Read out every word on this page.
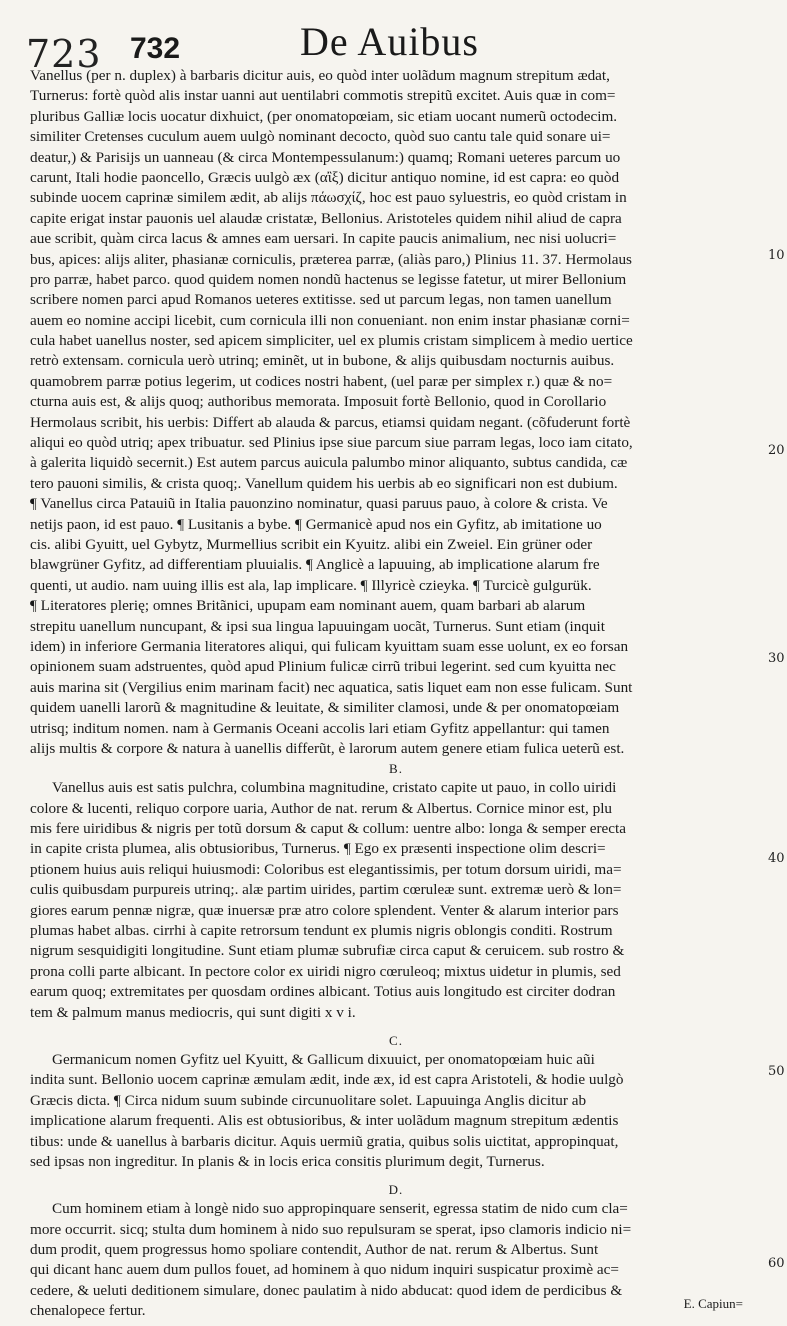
723 732	De Auibus
Vanellus (per n. duplex) à barbaris dicitur auis, eo quòd inter uolãdum magnum strepitum ædat,
Turnerus: fortè quòd alis instar uanni aut uentilabri commotis strepitũ excitet. Auis quæ in com=
pluribus Galliæ locis uocatur dixhuict, (per onomatopœiam, sic etiam uocant numerũ octodecim.
similiter Cretenses cuculum auem uulgò nominant decocto, quòd suo cantu tale quid sonare ui=
deatur,) & Parisijs un uanneau (& circa Montempessulanum:) quamq; Romani ueteres parcum uo
carunt, Itali hodie paoncello, Græcis uulgò æx (αἲξ) dicitur antiquo nomine, id est capra: eo quòd
subinde uocem caprinæ similem ædit, ab alijs πάωσχίζ, hoc est pauo syluestris, eo quòd cristam in
capite erigat instar pauonis uel alaudæ cristatæ, Bellonius. Aristoteles quidem nihil aliud de capra
aue scribit, quàm circa lacus & amnes eam uersari. In capite paucis animalium, nec nisi uolucri=
bus, apices: alijs aliter, phasianæ corniculis, præterea parræ, (aliàs paro,) Plinius 11. 37. Hermolaus
pro parræ, habet parco. quod quidem nomen nondũ hactenus se legisse fatetur, ut mirer Bellonium
scribere nomen parci apud Romanos ueteres extitisse. sed ut parcum legas, non tamen uanellum
auem eo nomine accipi licebit, cum cornicula illi non conueniant. non enim instar phasianæ corni=
cula habet uanellus noster, sed apicem simpliciter, uel ex plumis cristam simplicem à medio uertice
retrò extensam. cornicula uerò utrinq; eminẽt, ut in bubone, & alijs quibusdam nocturnis auibus.
quamobrem parræ potius legerim, ut codices nostri habent, (uel paræ per simplex r.) quæ & no=
cturna auis est, & alijs quoq; authoribus memorata. Imposuit fortè Bellonio, quod in Corollario
Hermolaus scribit, his uerbis: Differt ab alauda & parcus, etiamsi quidam negant. (cõfuderunt fortè
aliqui eo quòd utriq; apex tribuatur. sed Plinius ipse siue parcum siue parram legas, loco iam citato,
à galerita liquidò secernit.) Est autem parcus auicula palumbo minor aliquanto, subtus candida, cæ
tero pauoni similis, & crista quoq;. Vanellum quidem his uerbis ab eo significari non est dubium.
¶ Vanellus circa Patauiũ in Italia pauonzino nominatur, quasi paruus pauo, à colore & crista. Ve
netijs paon, id est pauo. ¶ Lusitanis a bybe. ¶ Germanicè apud nos ein Gyfitz, ab imitatione uo
cis. alibi Gyuitt, uel Gybytz, Murmellius scribit ein Kyuitz. alibi ein Zweiel. Ein grüner oder
blawgrüner Gyfitz, ad differentiam pluuialis. ¶ Anglicè a lapuuing, ab implicatione alarum fre
quenti, ut audio. nam uuing illis est ala, lap implicare. ¶ Illyricè czieyka. ¶ Turcicè gulgurük.
¶ Literatores plerię; omnes Britãnici, upupam eam nominant auem, quam barbari ab alarum
strepitu uanellum nuncupant, & ipsi sua lingua lapuuingam uocãt, Turnerus. Sunt etiam (inquit
idem) in inferiore Germania literatores aliqui, qui fulicam kyuittam suam esse uolunt, ex eo forsan
opinionem suam adstruentes, quòd apud Plinium fulicæ cirrũ tribui legerint. sed cum kyuitta nec
auis marina sit (Vergilius enim marinam facit) nec aquatica, satis liquet eam non esse fulicam. Sunt
quidem uanelli larorũ & magnitudine & leuitate, & similiter clamosi, unde & per onomatopœiam
utrisq; inditum nomen. nam à Germanis Oceani accolis lari etiam Gyfitz appellantur: qui tamen
alijs multis & corpore & natura à uanellis differũt, è larorum autem genere etiam fulica ueterũ est.
B.
Vanellus auis est satis pulchra, columbina magnitudine, cristato capite ut pauo, in collo uiridi
colore & lucenti, reliquo corpore uaria, Author de nat. rerum & Albertus. Cornice minor est, plu
mis fere uiridibus & nigris per totũ dorsum & caput & collum: uentre albo: longa & semper erecta
in capite crista plumea, alis obtusioribus, Turnerus. ¶ Ego ex præsenti inspectione olim descri=
ptionem huius auis reliqui huiusmodi: Coloribus est elegantissimis, per totum dorsum uiridi, ma=
culis quibusdam purpureis utrinq;. alæ partim uirides, partim cœruleæ sunt. extremæ uerò & lon=
giores earum pennæ nigræ, quæ inuersæ præ atro colore splendent. Venter & alarum interior pars
plumas habet albas. cirrhi à capite retrorsum tendunt ex plumis nigris oblongis conditi. Rostrum
nigrum sesquidigiti longitudine. Sunt etiam plumæ subrufiæ circa caput & ceruicem. sub rostro &
prona colli parte albicant. In pectore color ex uiridi nigro cœruleoq; mixtus uidetur in plumis, sed
earum quoq; extremitates per quosdam ordines albicant. Totius auis longitudo est circiter dodran
tem & palmum manus mediocris, qui sunt digiti x v i.
C.
Germanicum nomen Gyfitz uel Kyuitt, & Gallicum dixuuict, per onomatopœiam huic aũi
indita sunt. Bellonio uocem caprinæ æmulam ædit, inde æx, id est capra Aristoteli, & hodie uulgò
Græcis dicta. ¶ Circa nidum suum subinde circunuolitare solet. Lapuuinga Anglis dicitur ab
implicatione alarum frequenti. Alis est obtusioribus, & inter uolãdum magnum strepitum ædentis
tibus: unde & uanellus à barbaris dicitur. Aquis uermiũ gratia, quibus solis uictitat, appropinquat,
sed ipsas non ingreditur. In planis & in locis erica consitis plurimum degit, Turnerus.
D.
Cum hominem etiam à longè nido suo appropinquare senserit, egressa statim de nido cum cla=
more occurrit. sicq; stulta dum hominem à nido suo repulsuram se sperat, ipso clamoris indicio ni=
dum prodit, quem progressus homo spoliare contendit, Author de nat. rerum & Albertus. Sunt
qui dicant hanc auem dum pullos fouet, ad hominem à quo nidum inquiri suspicatur proximè ac=
cedere, & ueluti deditionem simulare, donec paulatim à nido abducat: quod idem de perdicibus &
chenalopece fertur.
10
20
30
40
50
60
E. Capiun=
